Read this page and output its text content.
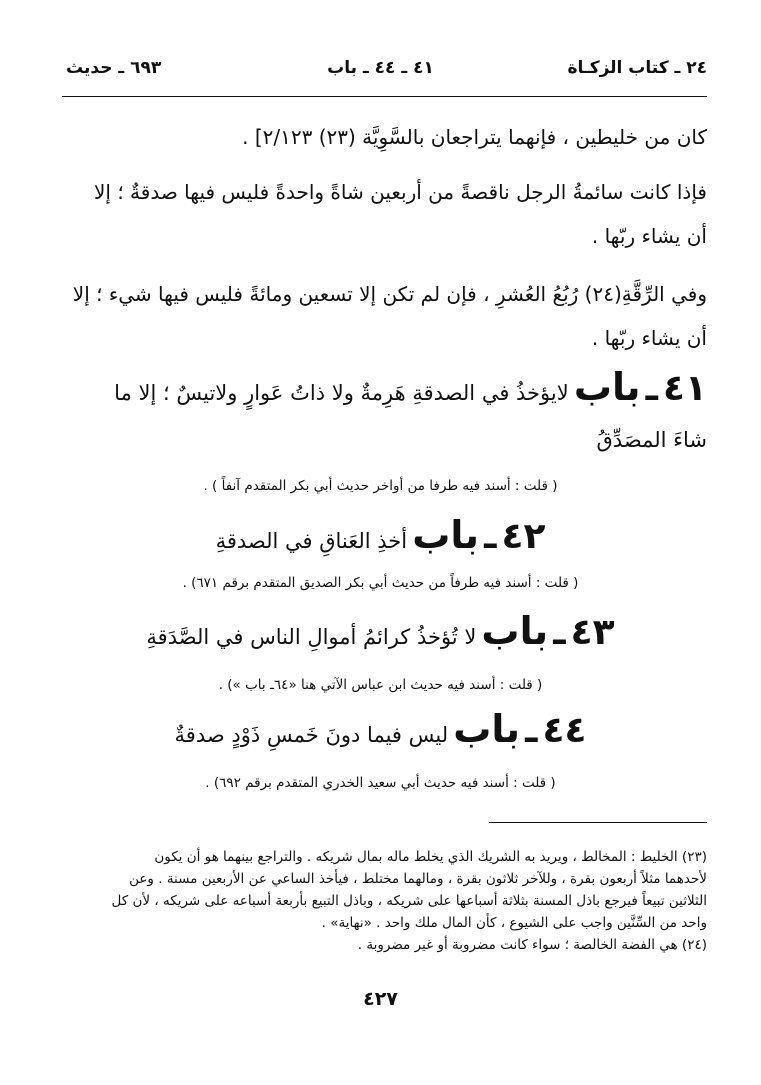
٢٤ ـ كتاب الزكـاة
٤١ ـ ٤٤ ـ باب
٦٩٣ ـ حديث
كان من خليطين ، فإنهما يتراجعان بالسَّوِيَّة (٢٣) ٢/١٢٣] .
فإذا كانت سائمةُ الرجل ناقصةً من أربعين شاةً واحدةً فليس فيها صدقةٌ ؛ إلا
أن يشاء ربّها .
وفي الرِّقَّةِ(٢٤) رُبُعُ العُشرِ ، فإن لم تكن إلا تسعين ومائةً فليس فيها شيء ؛ إلا
أن يشاء ربّها .
٤١ ـ باب لايؤخذُ في الصدقةِ هَرِمةٌ ولا ذاتُ عَوارٍ ولاتيسٌ ؛ إلا ما
شاءَ المصَدِّقُ
( قلت : أسند فيه طرفا من أواخر حديث أبي بكر المتقدم آنفاً ) .
٤٢ ـ باب أخذِ العَناقِ في الصدقةِ
( قلت : أسند فيه طرفاً من حديث أبي بكر الصديق المتقدم برقم ٦٧١) .
٤٣ ـ باب لا تُؤخذُ كرائمُ أموالِ الناس في الصَّدَقةِ
( قلت : أسند فيه حديث ابن عباس الآتي هنا «٦٤ـ باب ») .
٤٤ ـ باب ليس فيما دونَ خَمسِ ذَوْدٍ صدقةٌ
( قلت : أسند فيه حديث أبي سعيد الخدري المتقدم برقم ٦٩٢) .
(٢٣) الخليط : المخالط ، ويريد به الشريك الذي يخلط ماله بمال شريكه . والتراجع بينهما هو أن يكون
لأحدهما مثلاً أربعون بقرة ، وللآخر ثلاثون بقرة ، ومالهما مختلط ، فيأخذ الساعي عن الأربعين مسنة . وعن
الثلاثين تبيعاً فيرجع باذل المسنة بثلاثة أسباعها على شريكه ، وباذل التبيع بأربعة أسباعه على شريكه ، لأن كل
واحد من السِّنَّين واجب على الشيوع ، كأن المال ملك واحد . «نهاية» .
(٢٤) هي الفضة الخالصة ؛ سواء كانت مضروبة أو غير مضروبة .
٤٢٧
